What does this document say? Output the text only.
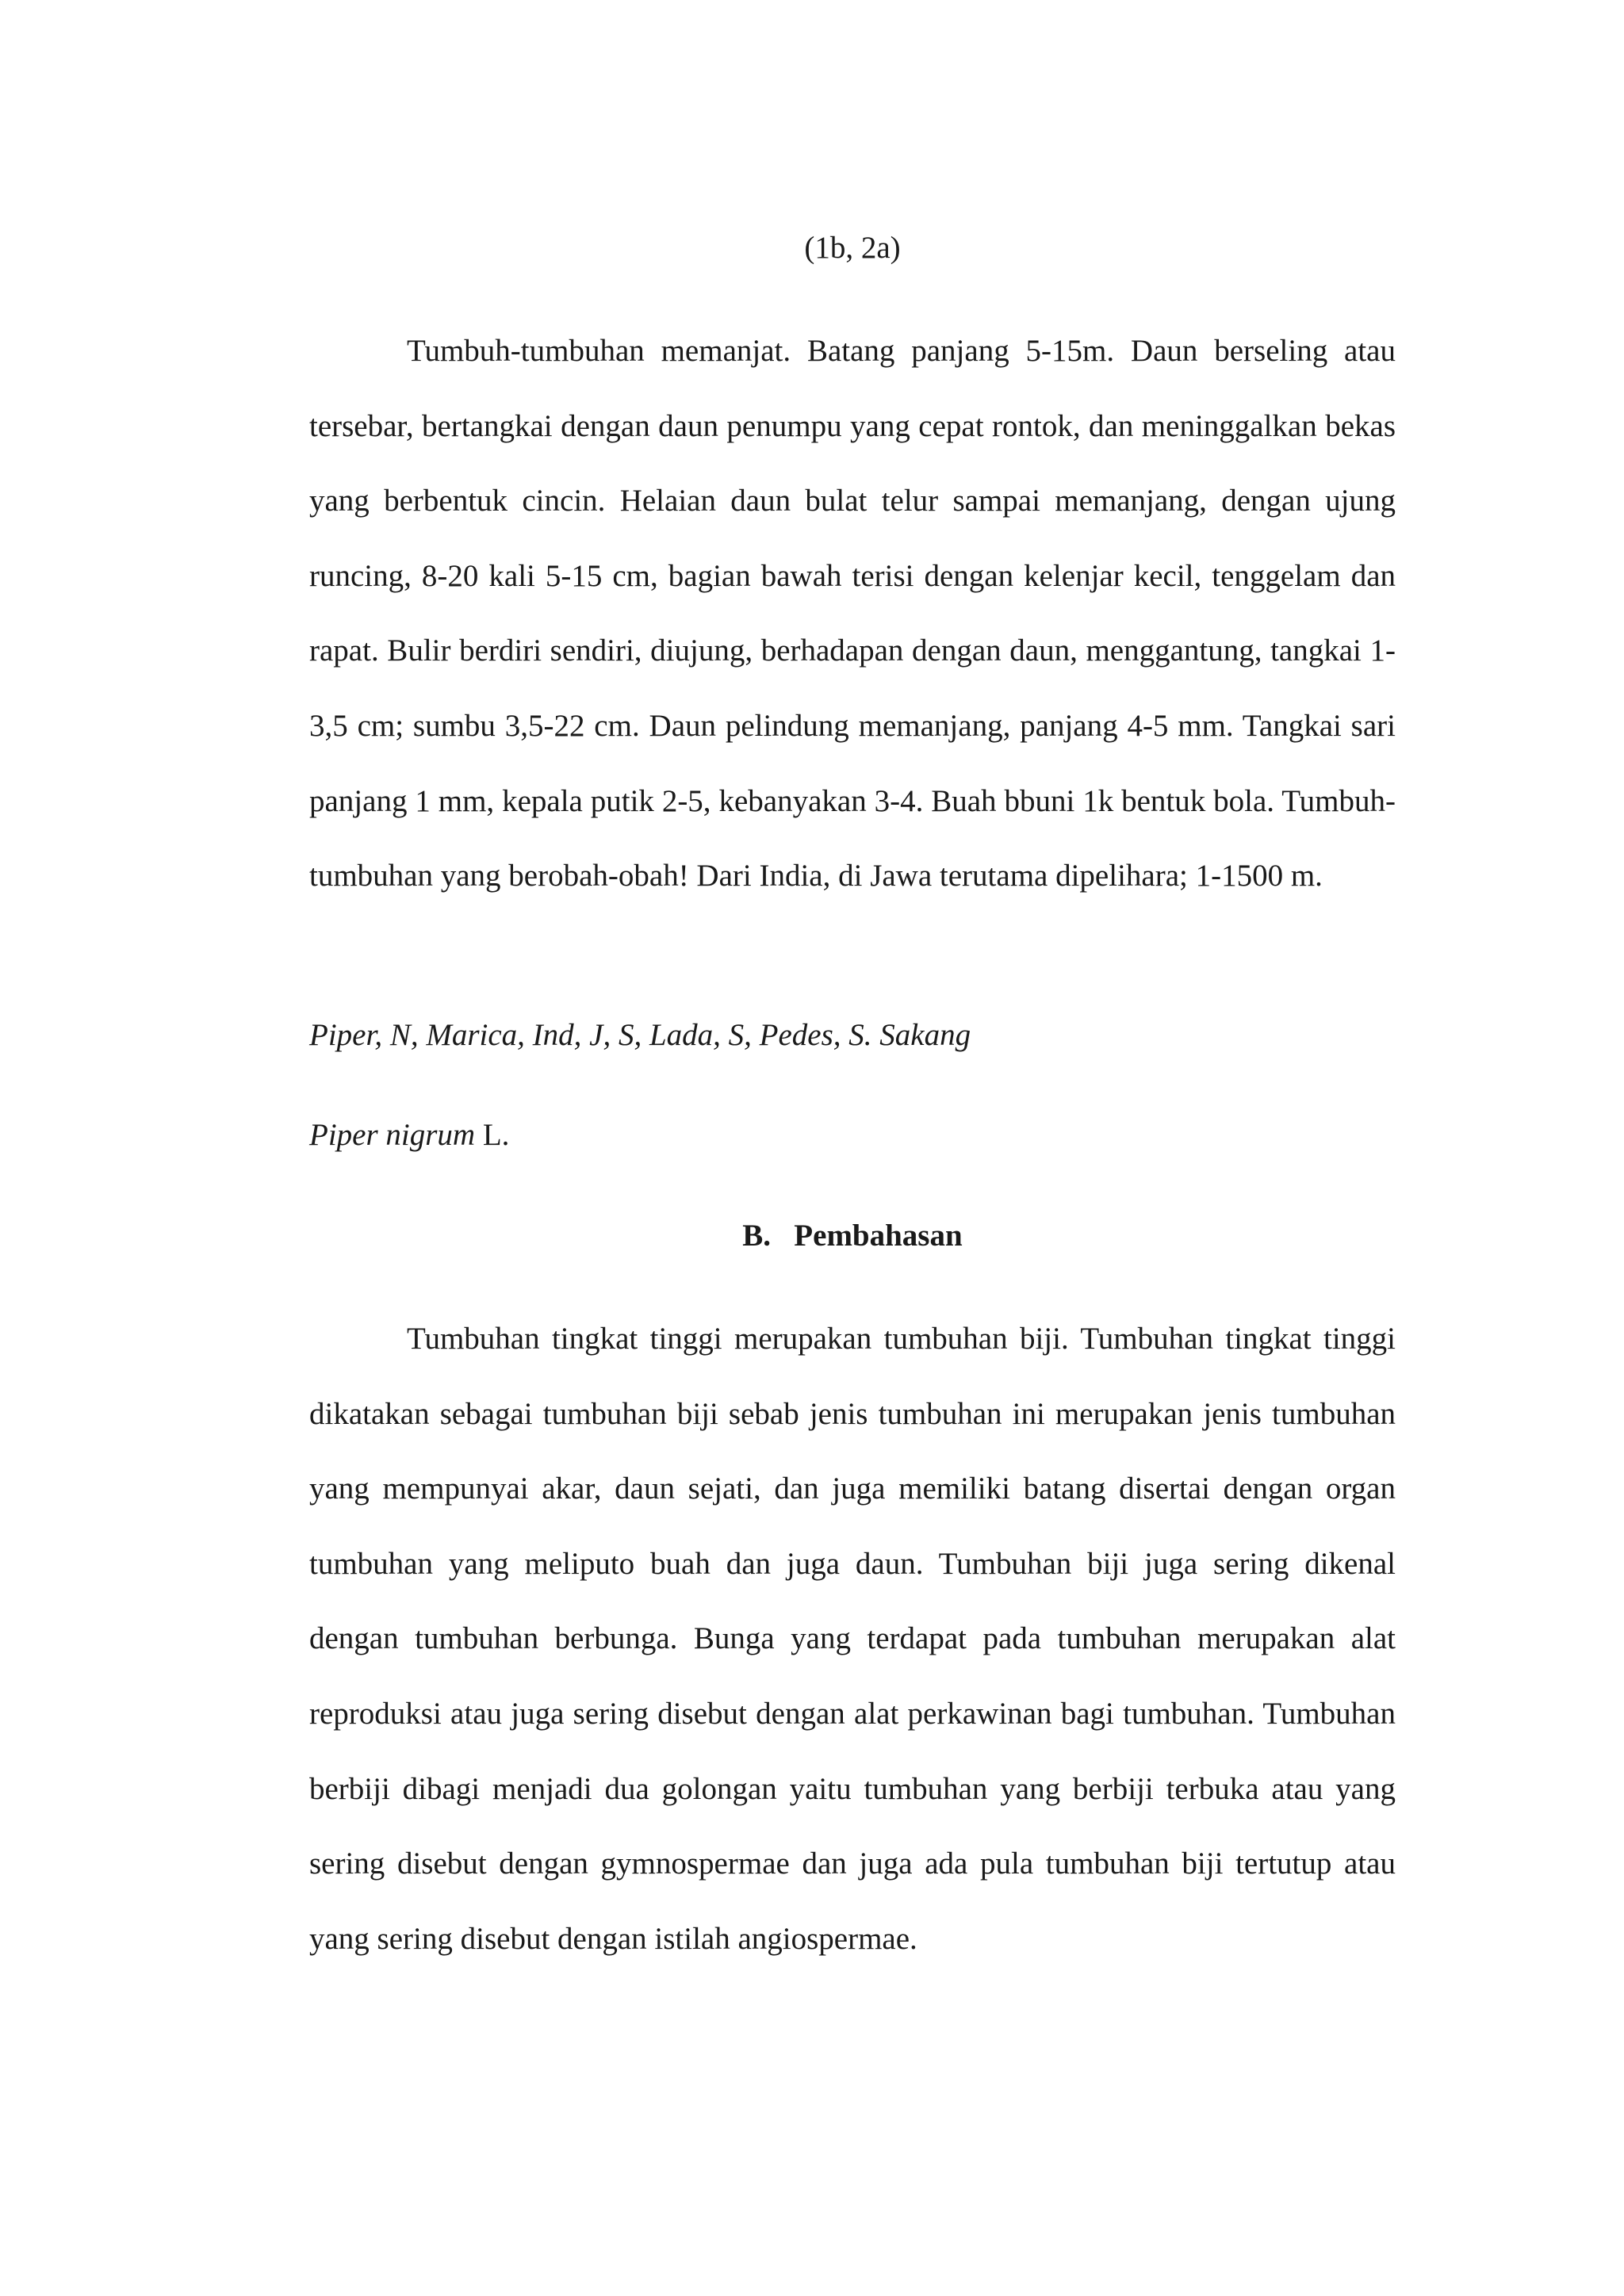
(1b, 2a)

Tumbuh-tumbuhan memanjat. Batang panjang 5-15m. Daun berseling atau tersebar, bertangkai dengan daun penumpu yang cepat rontok, dan meninggalkan bekas yang berbentuk cincin. Helaian daun bulat telur sampai memanjang, dengan ujung runcing, 8-20 kali 5-15 cm, bagian bawah terisi dengan kelenjar kecil, tenggelam dan rapat. Bulir berdiri sendiri, diujung, berhadapan dengan daun, menggantung, tangkai 1-3,5 cm; sumbu 3,5-22 cm. Daun pelindung memanjang, panjang 4-5 mm. Tangkai sari panjang 1 mm, kepala putik 2-5, kebanyakan 3-4. Buah bbuni 1k bentuk bola. Tumbuh-tumbuhan yang berobah-obah! Dari India, di Jawa terutama dipelihara; 1-1500 m.

Piper, N, Marica, Ind, J, S, Lada, S, Pedes, S. Sakang

Piper nigrum L.

B.   Pembahasan

Tumbuhan tingkat tinggi merupakan tumbuhan biji. Tumbuhan tingkat tinggi dikatakan sebagai tumbuhan biji sebab jenis tumbuhan ini merupakan jenis tumbuhan yang mempunyai akar, daun sejati, dan juga memiliki batang disertai dengan organ tumbuhan yang meliputo buah dan juga daun. Tumbuhan biji juga sering dikenal dengan tumbuhan berbunga. Bunga yang terdapat pada tumbuhan merupakan alat reproduksi atau juga sering disebut dengan alat perkawinan bagi tumbuhan. Tumbuhan berbiji dibagi menjadi dua golongan yaitu tumbuhan yang berbiji terbuka atau yang sering disebut dengan gymnospermae dan juga ada pula tumbuhan biji tertutup atau yang sering disebut dengan istilah angiospermae.
